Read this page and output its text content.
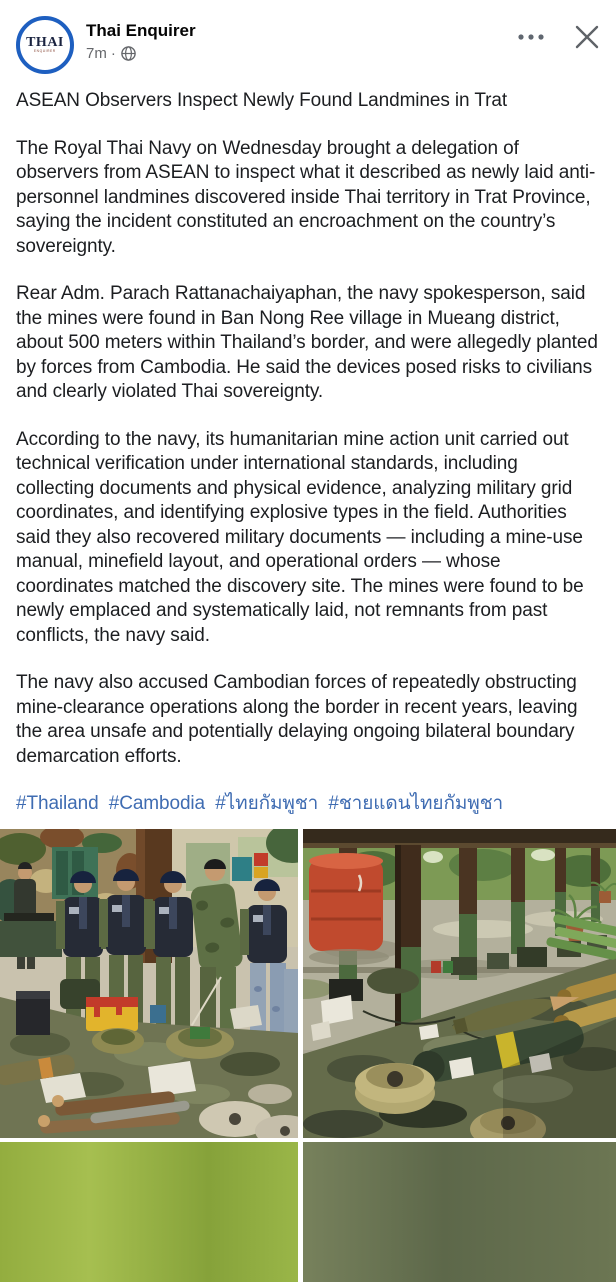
THAI
ENQUIRER
Thai Enquirer
7m ·

ASEAN Observers Inspect Newly Found Landmines in Trat

The Royal Thai Navy on Wednesday brought a delegation of observers from ASEAN to inspect what it described as newly laid anti-personnel landmines discovered inside Thai territory in Trat Province, saying the incident constituted an encroachment on the country’s sovereignty.

Rear Adm. Parach Rattanachaiyaphan, the navy spokesperson, said the mines were found in Ban Nong Ree village in Mueang district, about 500 meters within Thailand’s border, and were allegedly planted by forces from Cambodia. He said the devices posed risks to civilians and clearly violated Thai sovereignty.

According to the navy, its humanitarian mine action unit carried out technical verification under international standards, including collecting documents and physical evidence, analyzing military grid coordinates, and identifying explosive types in the field. Authorities said they also recovered military documents — including a mine-use manual, minefield layout, and operational orders — whose coordinates matched the discovery site. The mines were found to be newly emplaced and systematically laid, not remnants from past conflicts, the navy said.

The navy also accused Cambodian forces of repeatedly obstructing mine-clearance operations along the border in recent years, leaving the area unsafe and potentially delaying ongoing bilateral boundary demarcation efforts.

#Thailand #Cambodia #ไทยกัมพูชา #ชายแดนไทยกัมพูชา
